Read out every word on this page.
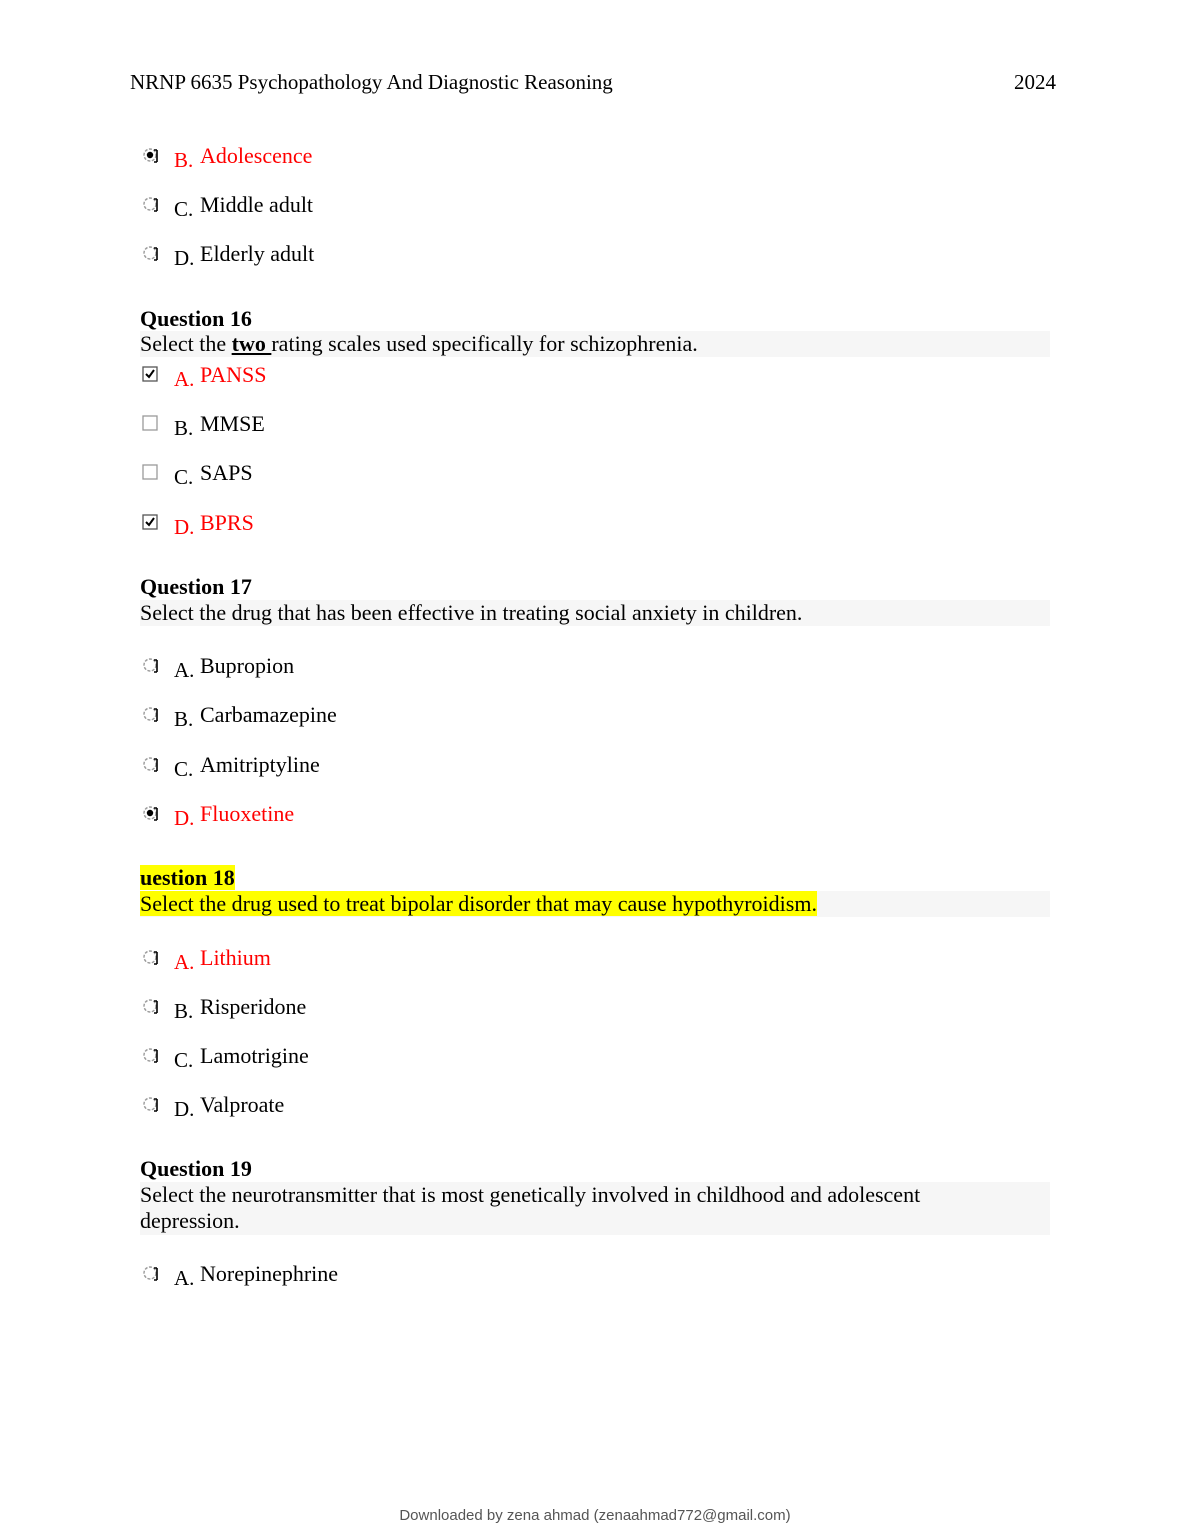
NRNP 6635 Psychopathology And Diagnostic Reasoning	2024
B. Adolescence
C. Middle adult
D. Elderly adult
Question 16
Select the two rating scales used specifically for schizophrenia.
A. PANSS
B. MMSE
C. SAPS
D. BPRS
Question 17
Select the drug that has been effective in treating social anxiety in children.
A. Bupropion
B. Carbamazepine
C. Amitriptyline
D. Fluoxetine
uestion 18
Select the drug used to treat bipolar disorder that may cause hypothyroidism.
A. Lithium
B. Risperidone
C. Lamotrigine
D. Valproate
Question 19
Select the neurotransmitter that is most genetically involved in childhood and adolescent
depression.
A. Norepinephrine
Downloaded by zena ahmad (zenaahmad772@gmail.com)
